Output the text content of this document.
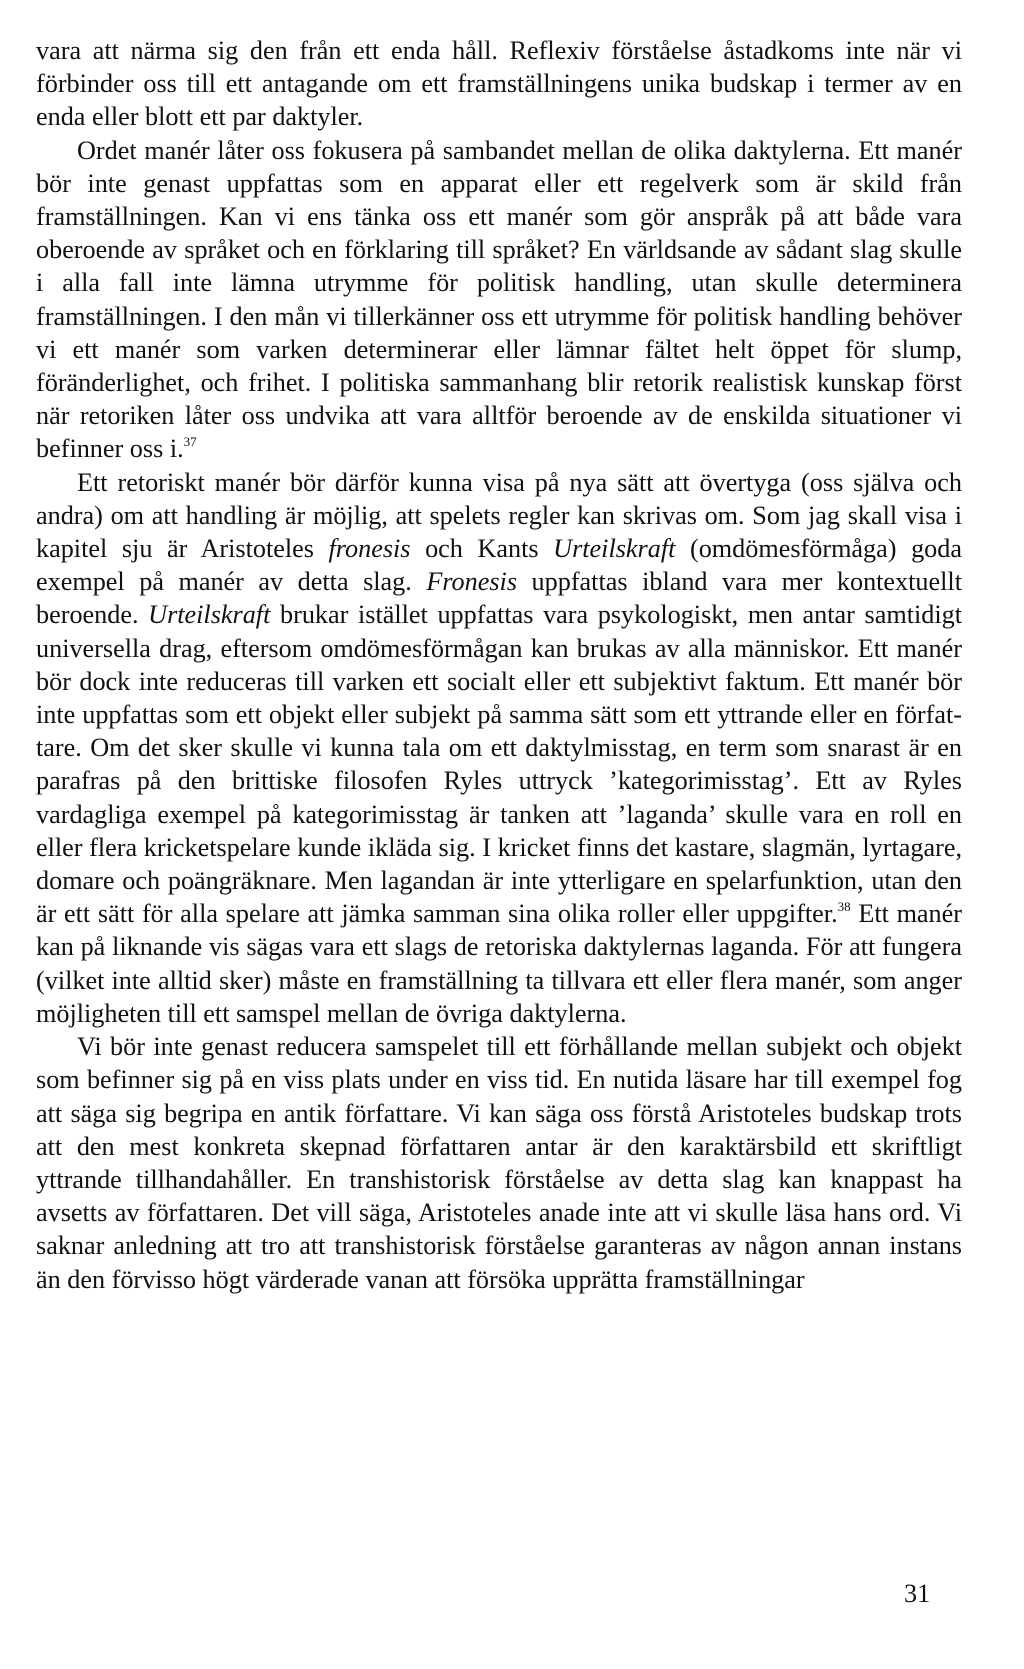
vara att närma sig den från ett enda håll. Reflexiv förståelse åstadkoms inte när vi förbinder oss till ett antagande om ett framställningens unika budskap i termer av en enda eller blott ett par daktyler.

Ordet manér låter oss fokusera på sambandet mellan de olika daktylerna. Ett manér bör inte genast uppfattas som en apparat eller ett regelverk som är skild från framställningen. Kan vi ens tänka oss ett manér som gör anspråk på att både vara oberoende av språket och en förklaring till språket? En världsande av sådant slag skulle i alla fall inte lämna utrymme för politisk handling, utan skulle determinera framställningen. I den mån vi tillerkänner oss ett utrymme för politisk handling behöver vi ett manér som varken determinerar eller lämnar fältet helt öppet för slump, föränderlighet, och frihet. I politiska sammanhang blir retorik realistisk kunskap först när retoriken låter oss undvika att vara alltför beroende av de enskilda situationer vi befinner oss i.$^{37}$

Ett retoriskt manér bör därför kunna visa på nya sätt att övertyga (oss själva och andra) om att handling är möjlig, att spelets regler kan skrivas om. Som jag skall visa i kapitel sju är Aristoteles fronesis och Kants Urteilskraft (omdömesförmåga) goda exempel på manér av detta slag. Fronesis uppfattas ibland vara mer kontextuellt beroende. Urteilskraft brukar istället uppfattas vara psykologiskt, men antar samtidigt universella drag, eftersom omdömesförmågan kan brukas av alla människor. Ett manér bör dock inte reduceras till varken ett socialt eller ett subjektivt faktum. Ett manér bör inte uppfattas som ett objekt eller subjekt på samma sätt som ett yttrande eller en författare. Om det sker skulle vi kunna tala om ett daktylmisstag, en term som snarast är en parafras på den brittiske filosofen Ryles uttryck ’kategorimisstag’. Ett av Ryles vardagliga exempel på kategorimisstag är tanken att ’laganda’ skulle vara en roll en eller flera kricketspelare kunde ikläda sig. I kricket finns det kastare, slagmän, lyrtagare, domare och poängräknare. Men lagandan är inte ytterligare en spelarfunktion, utan den är ett sätt för alla spelare att jämka samman sina olika roller eller uppgifter.$^{38}$ Ett manér kan på liknande vis sägas vara ett slags de retoriska daktylernas laganda. För att fungera (vilket inte alltid sker) måste en framställning ta tillvara ett eller flera manér, som anger möjligheten till ett samspel mellan de övriga daktylerna.

Vi bör inte genast reducera samspelet till ett förhållande mellan subjekt och objekt som befinner sig på en viss plats under en viss tid. En nutida läsare har till exempel fog att säga sig begripa en antik författare. Vi kan säga oss förstå Aristoteles budskap trots att den mest konkreta skepnad författaren antar är den karaktärsbild ett skriftligt yttrande tillhandahåller. En transhistorisk förståelse av detta slag kan knappast ha avsetts av författaren. Det vill säga, Aristoteles anade inte att vi skulle läsa hans ord. Vi saknar anledning att tro att transhistorisk förståelse garanteras av någon annan instans än den förvisso högt värderade vanan att försöka upprätta framställningar

31
